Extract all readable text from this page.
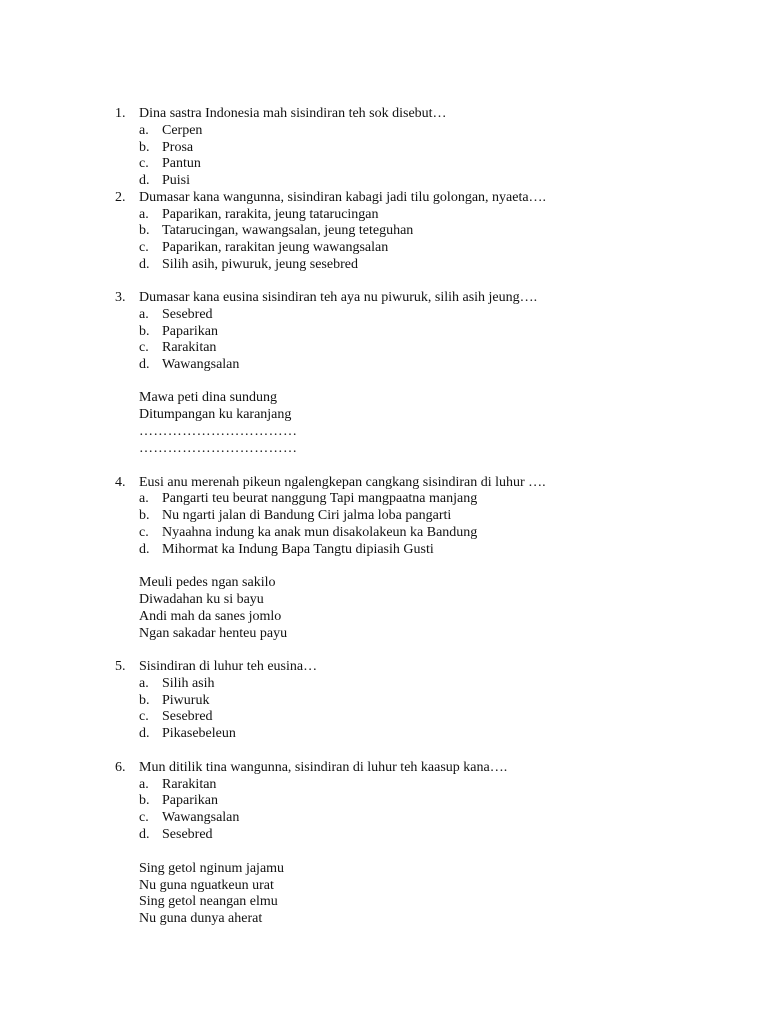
1. Dina sastra Indonesia mah sisindiran teh sok disebut…
a. Cerpen
b. Prosa
c. Pantun
d. Puisi
2. Dumasar kana wangunna, sisindiran kabagi jadi tilu golongan, nyaeta….
a. Paparikan, rarakita, jeung tatarucingan
b. Tatarucingan, wawangsalan, jeung teteguhan
c. Paparikan, rarakitan jeung wawangsalan
d. Silih asih, piwuruk, jeung sesebred
3. Dumasar kana eusina sisindiran teh aya nu piwuruk, silih asih jeung….
a. Sesebred
b. Paparikan
c. Rarakitan
d. Wawangsalan
Mawa peti dina sundung
Ditumpangan ku karanjang
……………………………
……………………………
4. Eusi anu merenah pikeun ngalengkepan cangkang sisindiran di luhur ….
a. Pangarti teu beurat nanggung Tapi mangpaatna manjang
b. Nu ngarti jalan di Bandung Ciri jalma loba pangarti
c. Nyaahna indung ka anak mun disakolakeun ka Bandung
d. Mihormat ka Indung Bapa Tangtu dipiasih Gusti
Meuli pedes ngan sakilo
Diwadahan ku si bayu
Andi mah da sanes jomlo
Ngan sakadar henteu payu
5. Sisindiran di luhur teh eusina…
a. Silih asih
b. Piwuruk
c. Sesebred
d. Pikasebeleun
6. Mun ditilik tina wangunna, sisindiran di luhur teh kaasup kana….
a. Rarakitan
b. Paparikan
c. Wawangsalan
d. Sesebred
Sing getol nginum jajamu
Nu guna nguatkeun urat
Sing getol neangan elmu
Nu guna dunya aherat
